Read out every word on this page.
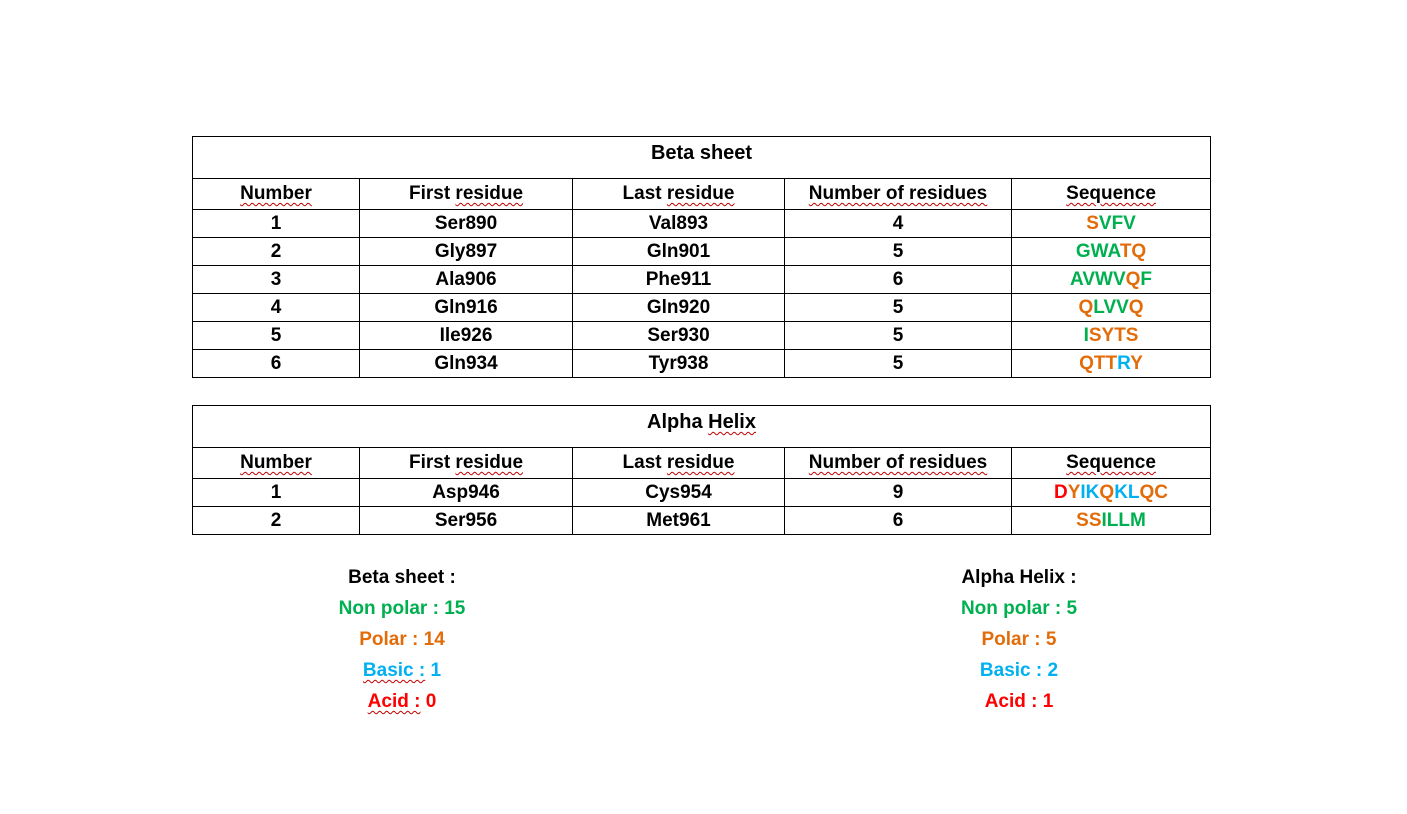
Beta sheet				
Number	First residue	Last residue	Number of residues	Sequence
1	Ser890	Val893	4	SVFV
2	Gly897	Gln901	5	GWATQ
3	Ala906	Phe911	6	AVWVQF
4	Gln916	Gln920	5	QLVVQ
5	Ile926	Ser930	5	ISYTS
6	Gln934	Tyr938	5	QTTRY
Alpha Helix				
Number	First residue	Last residue	Number of residues	Sequence
1	Asp946	Cys954	9	DYIKQKLQC
2	Ser956	Met961	6	SSILLM
Beta sheet :
Non polar : 15
Polar : 14
Basic : 1
Acid : 0
Alpha Helix :
Non polar : 5
Polar : 5
Basic : 2
Acid : 1
